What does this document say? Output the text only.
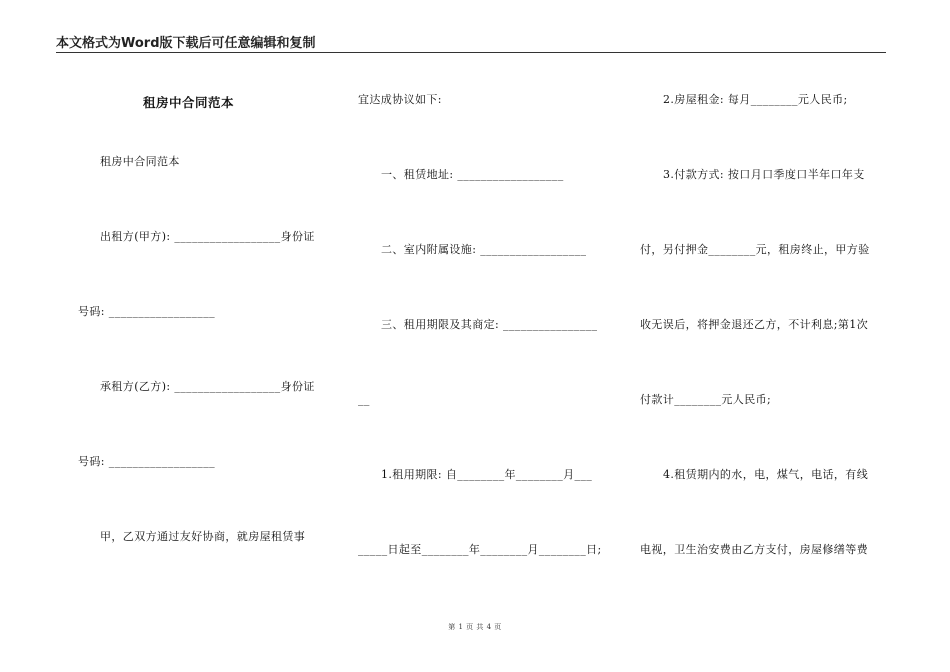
本文格式为Word版下载后可任意编辑和复制
租房中合同范本
租房中合同范本
出租方(甲方): __________________身份证
号码: __________________
承租方(乙方): __________________身份证
号码: __________________
甲，乙双方通过友好协商，就房屋租赁事
宜达成协议如下:
一、租赁地址: __________________
二、室内附属设施: __________________
三、租用期限及其商定: ________________
__
1.租用期限: 自________年________月___
_____日起至________年________月________日;
2.房屋租金: 每月________元人民币;
3.付款方式: 按口月口季度口半年口年支
付，另付押金________元，租房终止，甲方验
收无误后，将押金退还乙方，不计利息;第1次
付款计________元人民币;
4.租赁期内的水，电，煤气，电话，有线
电视，卫生治安费由乙方支付，房屋修缮等费
第 1 页 共 4 页
